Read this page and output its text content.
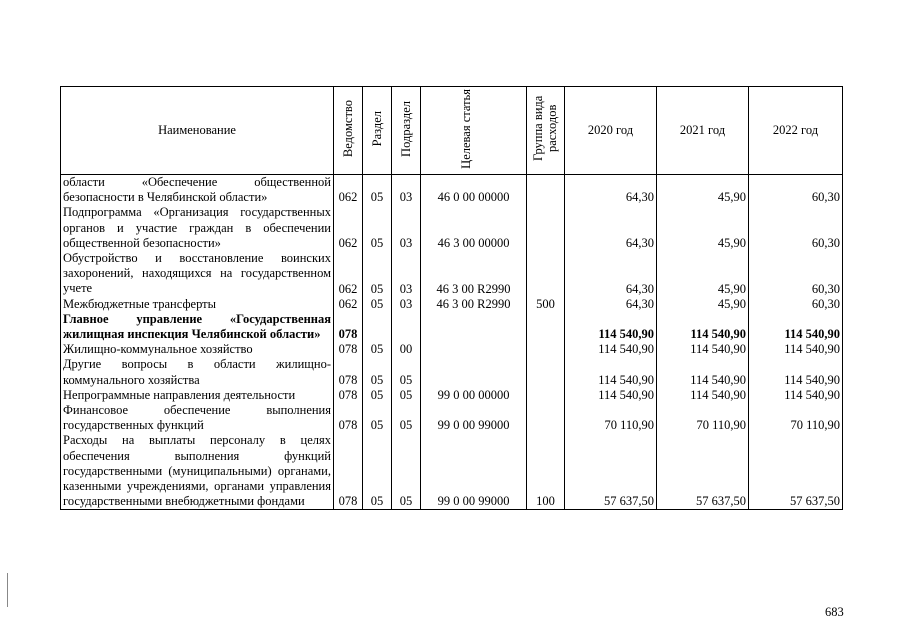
Наименование	Ведомство	Раздел	Подраздел	Целевая статья	Группа вида расходов	2020 год	2021 год	2022 год
области «Обеспечение общественной безопасности в Челябинской области»	062	05	03	46 0 00 00000		64,30	45,90	60,30
Подпрограмма «Организация государственных органов и участие граждан в обеспечении общественной безопасности»	062	05	03	46 3 00 00000		64,30	45,90	60,30
Обустройство и восстановление воинских захоронений, находящихся на государственном учете	062	05	03	46 3 00 R2990		64,30	45,90	60,30
Межбюджетные трансферты	062	05	03	46 3 00 R2990	500	64,30	45,90	60,30
Главное управление «Государственная жилищная инспекция Челябинской области»	078					114 540,90	114 540,90	114 540,90
Жилищно-коммунальное хозяйство	078	05	00			114 540,90	114 540,90	114 540,90
Другие вопросы в области жилищно-коммунального хозяйства	078	05	05			114 540,90	114 540,90	114 540,90
Непрограммные направления деятельности	078	05	05	99 0 00 00000		114 540,90	114 540,90	114 540,90
Финансовое обеспечение выполнения государственных функций	078	05	05	99 0 00 99000		70 110,90	70 110,90	70 110,90
Расходы на выплаты персоналу в целях обеспечения выполнения функций государственными (муниципальными) органами, казенными учреждениями, органами управления государственными внебюджетными фондами	078	05	05	99 0 00 99000	100	57 637,50	57 637,50	57 637,50
683
